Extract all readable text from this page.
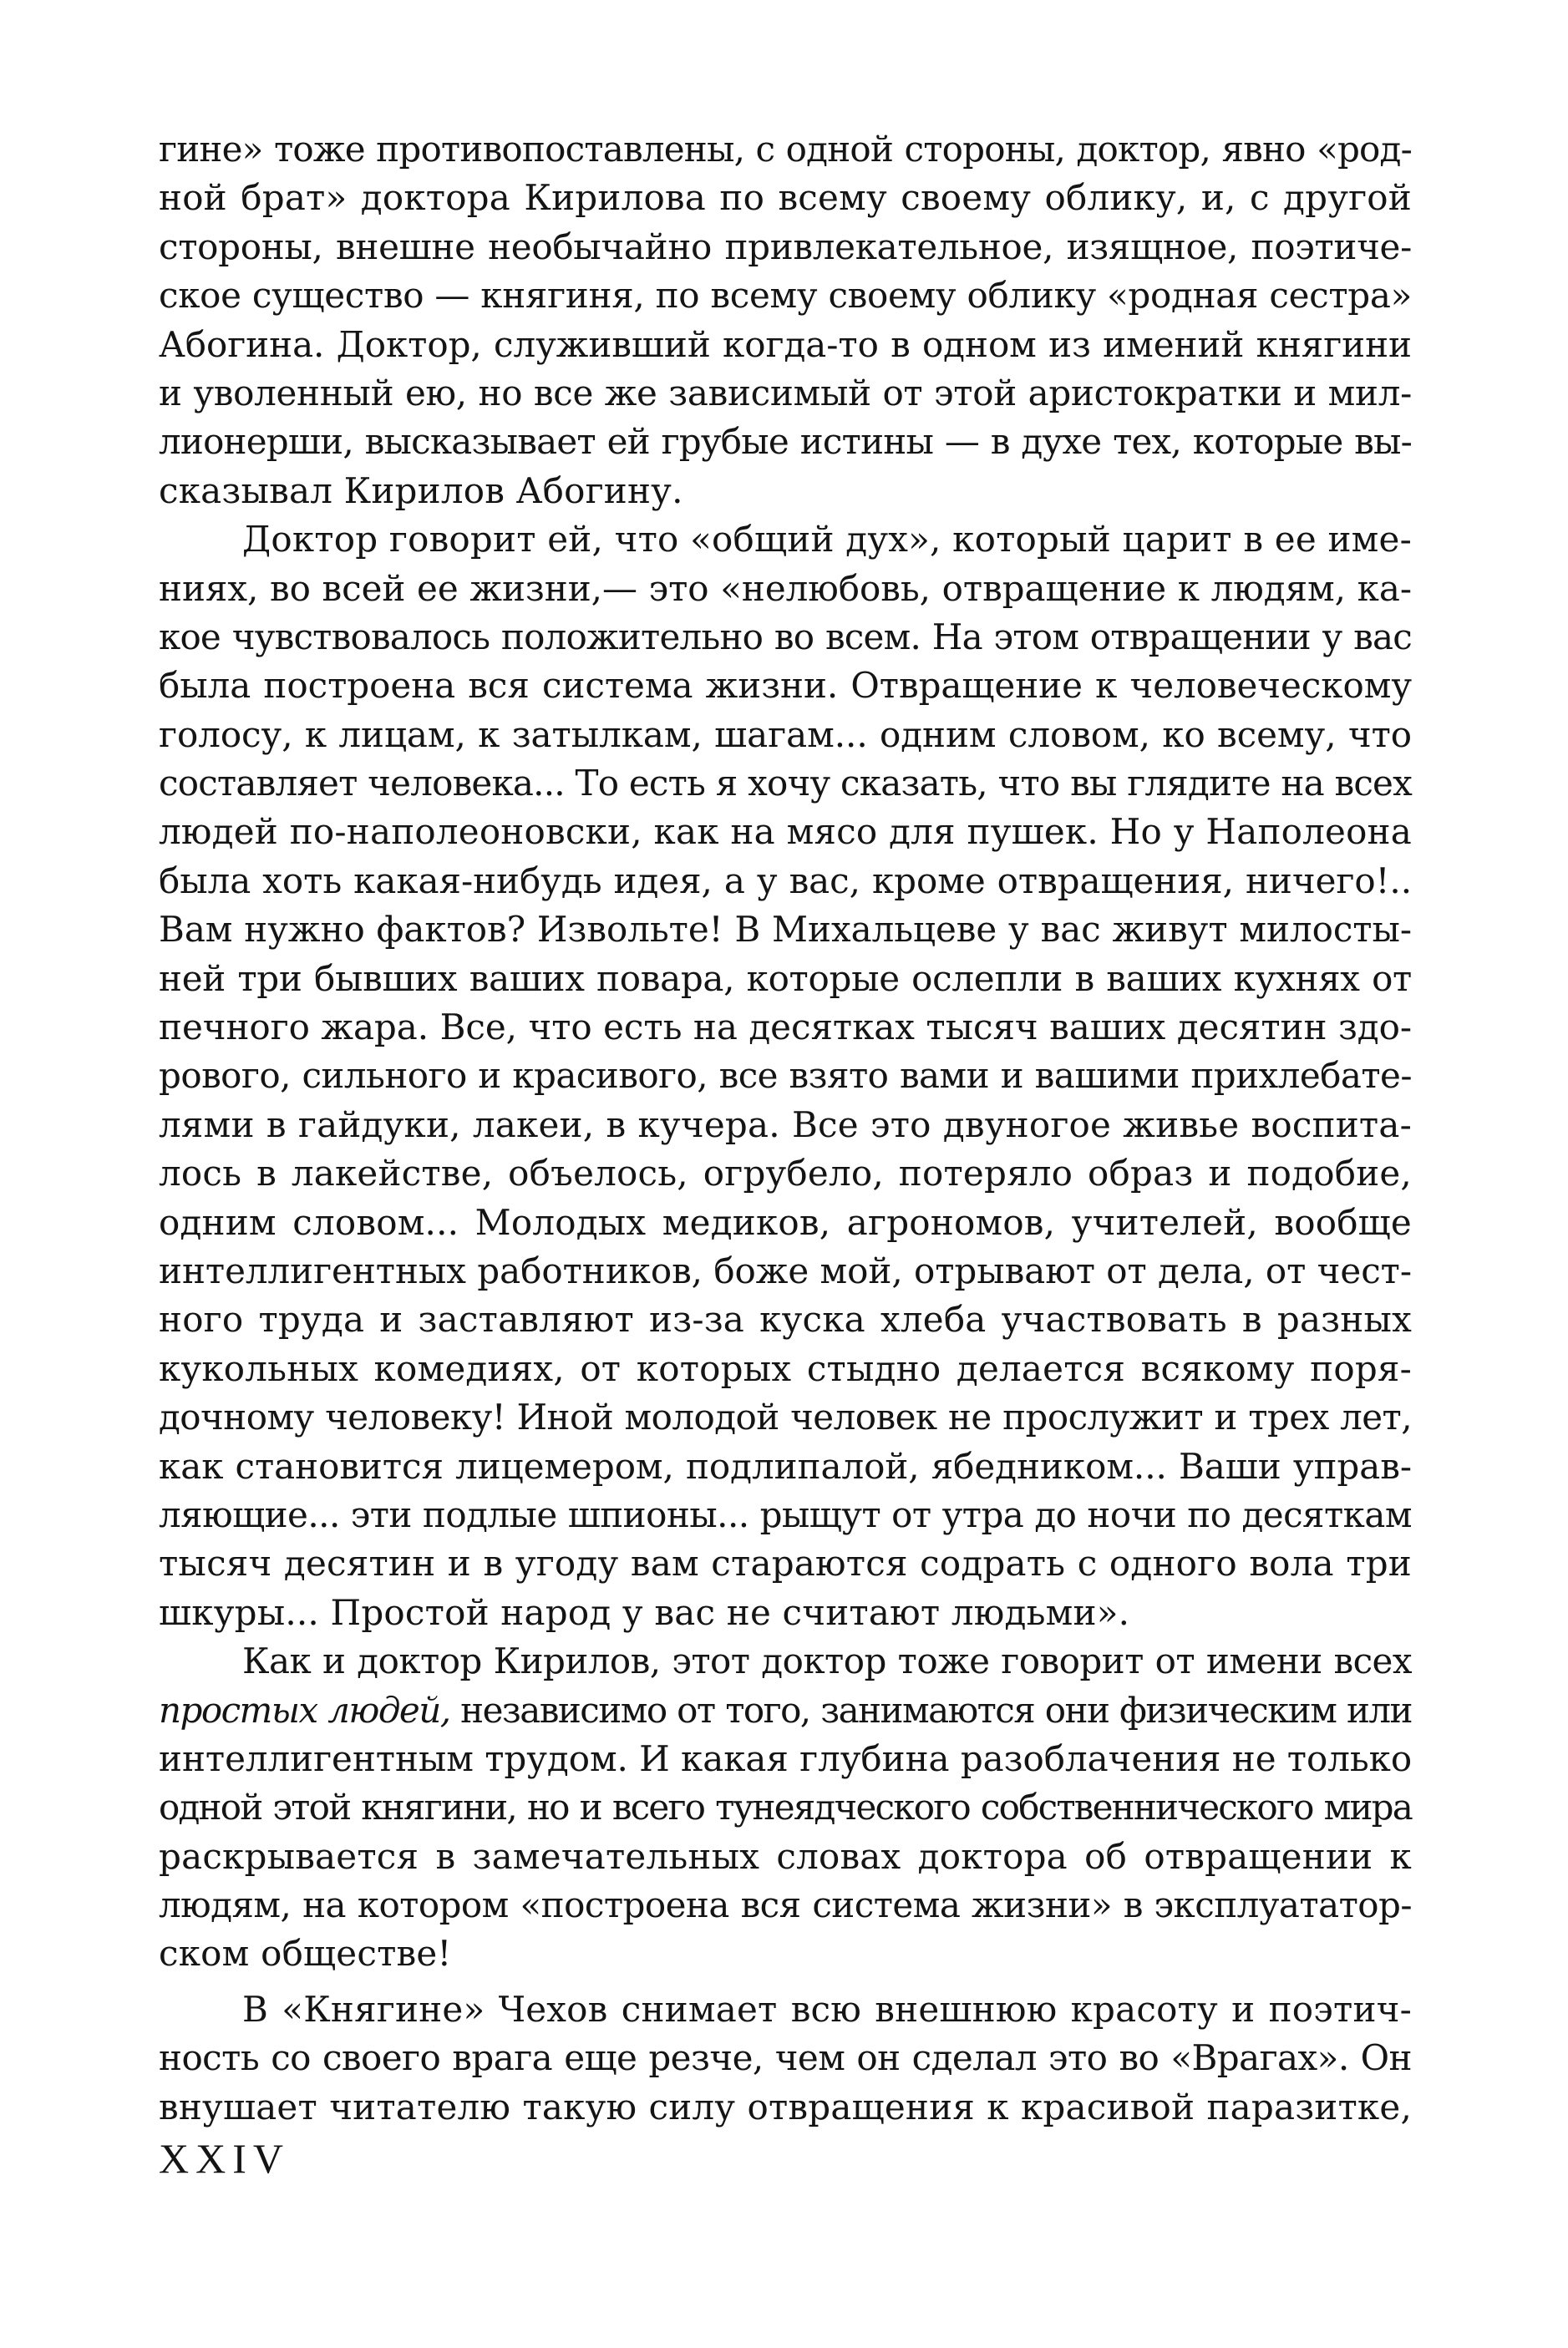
гине» тоже противопоставлены, с одной стороны, доктор, явно «род-
ной брат» доктора Кирилова по всему своему облику, и, с другой
стороны, внешне необычайно привлекательное, изящное, поэтиче-
ское существо — княгиня, по всему своему облику «родная сестра»
Абогина. Доктор, служивший когда-то в одном из имений княгини
и уволенный ею, но все же зависимый от этой аристократки и мил-
лионерши, высказывает ей грубые истины — в духе тех, которые вы-
сказывал Кирилов Абогину.
Доктор говорит ей, что «общий дух», который царит в ее име-
ниях, во всей ее жизни,— это «нелюбовь, отвращение к людям, ка-
кое чувствовалось положительно во всем. На этом отвращении у вас
была построена вся система жизни. Отвращение к человеческому
голосу, к лицам, к затылкам, шагам... одним словом, ко всему, что
составляет человека... То есть я хочу сказать, что вы глядите на всех
людей по-наполеоновски, как на мясо для пушек. Но у Наполеона
была хоть какая-нибудь идея, а у вас, кроме отвращения, ничего!..
Вам нужно фактов? Извольте! В Михальцеве у вас живут милосты-
ней три бывших ваших повара, которые ослепли в ваших кухнях от
печного жара. Все, что есть на десятках тысяч ваших десятин здо-
рового, сильного и красивого, все взято вами и вашими прихлебате-
лями в гайдуки, лакеи, в кучера. Все это двуногое живье воспита-
лось в лакействе, объелось, огрубело, потеряло образ и подобие,
одним словом... Молодых медиков, агрономов, учителей, вообще
интеллигентных работников, боже мой, отрывают от дела, от чест-
ного труда и заставляют из-за куска хлеба участвовать в разных
кукольных комедиях, от которых стыдно делается всякому поря-
дочному человеку! Иной молодой человек не прослужит и трех лет,
как становится лицемером, подлипалой, ябедником... Ваши управ-
ляющие... эти подлые шпионы... рыщут от утра до ночи по десяткам
тысяч десятин и в угоду вам стараются содрать с одного вола три
шкуры... Простой народ у вас не считают людьми».
Как и доктор Кирилов, этот доктор тоже говорит от имени всех
простых людей, независимо от того, занимаются они физическим или
интеллигентным трудом. И какая глубина разоблачения не только
одной этой княгини, но и всего тунеядческого собственнического мира
раскрывается в замечательных словах доктора об отвращении к
людям, на котором «построена вся система жизни» в эксплуататор-
ском обществе!
В «Княгине» Чехов снимает всю внешнюю красоту и поэтич-
ность со своего врага еще резче, чем он сделал это во «Врагах». Он
внушает читателю такую силу отвращения к красивой паразитке,
XXIV
